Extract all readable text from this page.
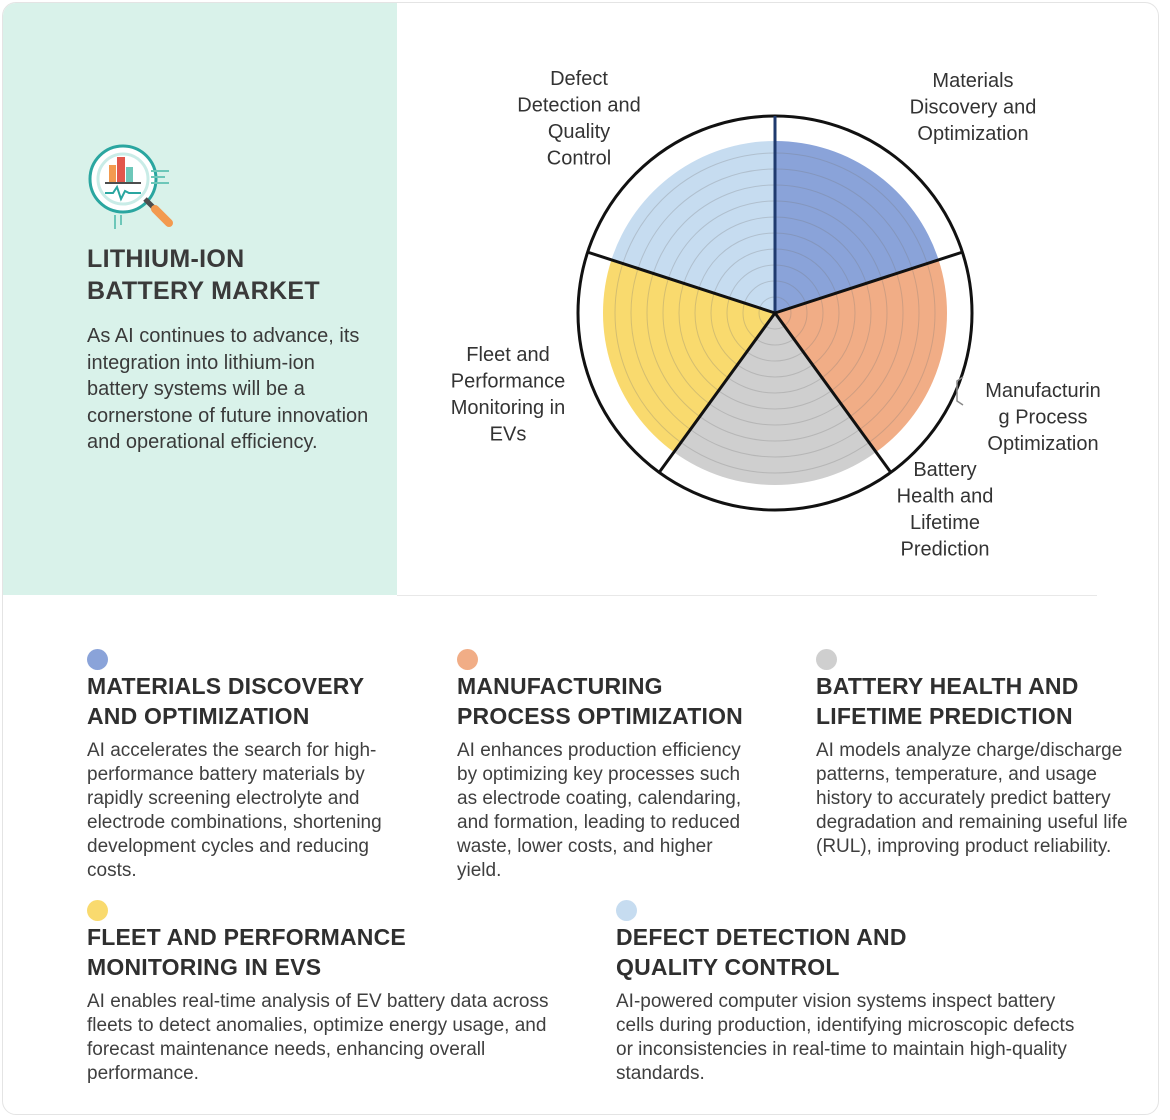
LITHIUM-ION
BATTERY MARKET
As AI continues to advance, its integration into lithium-ion battery systems will be a cornerstone of future innovation and operational efficiency.
Materials Discovery and Optimization
Manufacturin g Process Optimization
Battery Health and Lifetime Prediction
Fleet and Performance Monitoring in EVs
Defect Detection and Quality Control
MATERIALS DISCOVERY
AND OPTIMIZATION
AI accelerates the search for high-performance battery materials by rapidly screening electrolyte and electrode combinations, shortening development cycles and reducing costs.
MANUFACTURING
PROCESS OPTIMIZATION
AI enhances production efficiency by optimizing key processes such as electrode coating, calendaring, and formation, leading to reduced waste, lower costs, and higher yield.
BATTERY HEALTH AND
LIFETIME PREDICTION
AI models analyze charge/discharge patterns, temperature, and usage history to accurately predict battery degradation and remaining useful life (RUL), improving product reliability.
FLEET AND PERFORMANCE
MONITORING IN EVS
AI enables real-time analysis of EV battery data across fleets to detect anomalies, optimize energy usage, and forecast maintenance needs, enhancing overall performance.
DEFECT DETECTION AND
QUALITY CONTROL
AI-powered computer vision systems inspect battery cells during production, identifying microscopic defects or inconsistencies in real-time to maintain high-quality standards.
